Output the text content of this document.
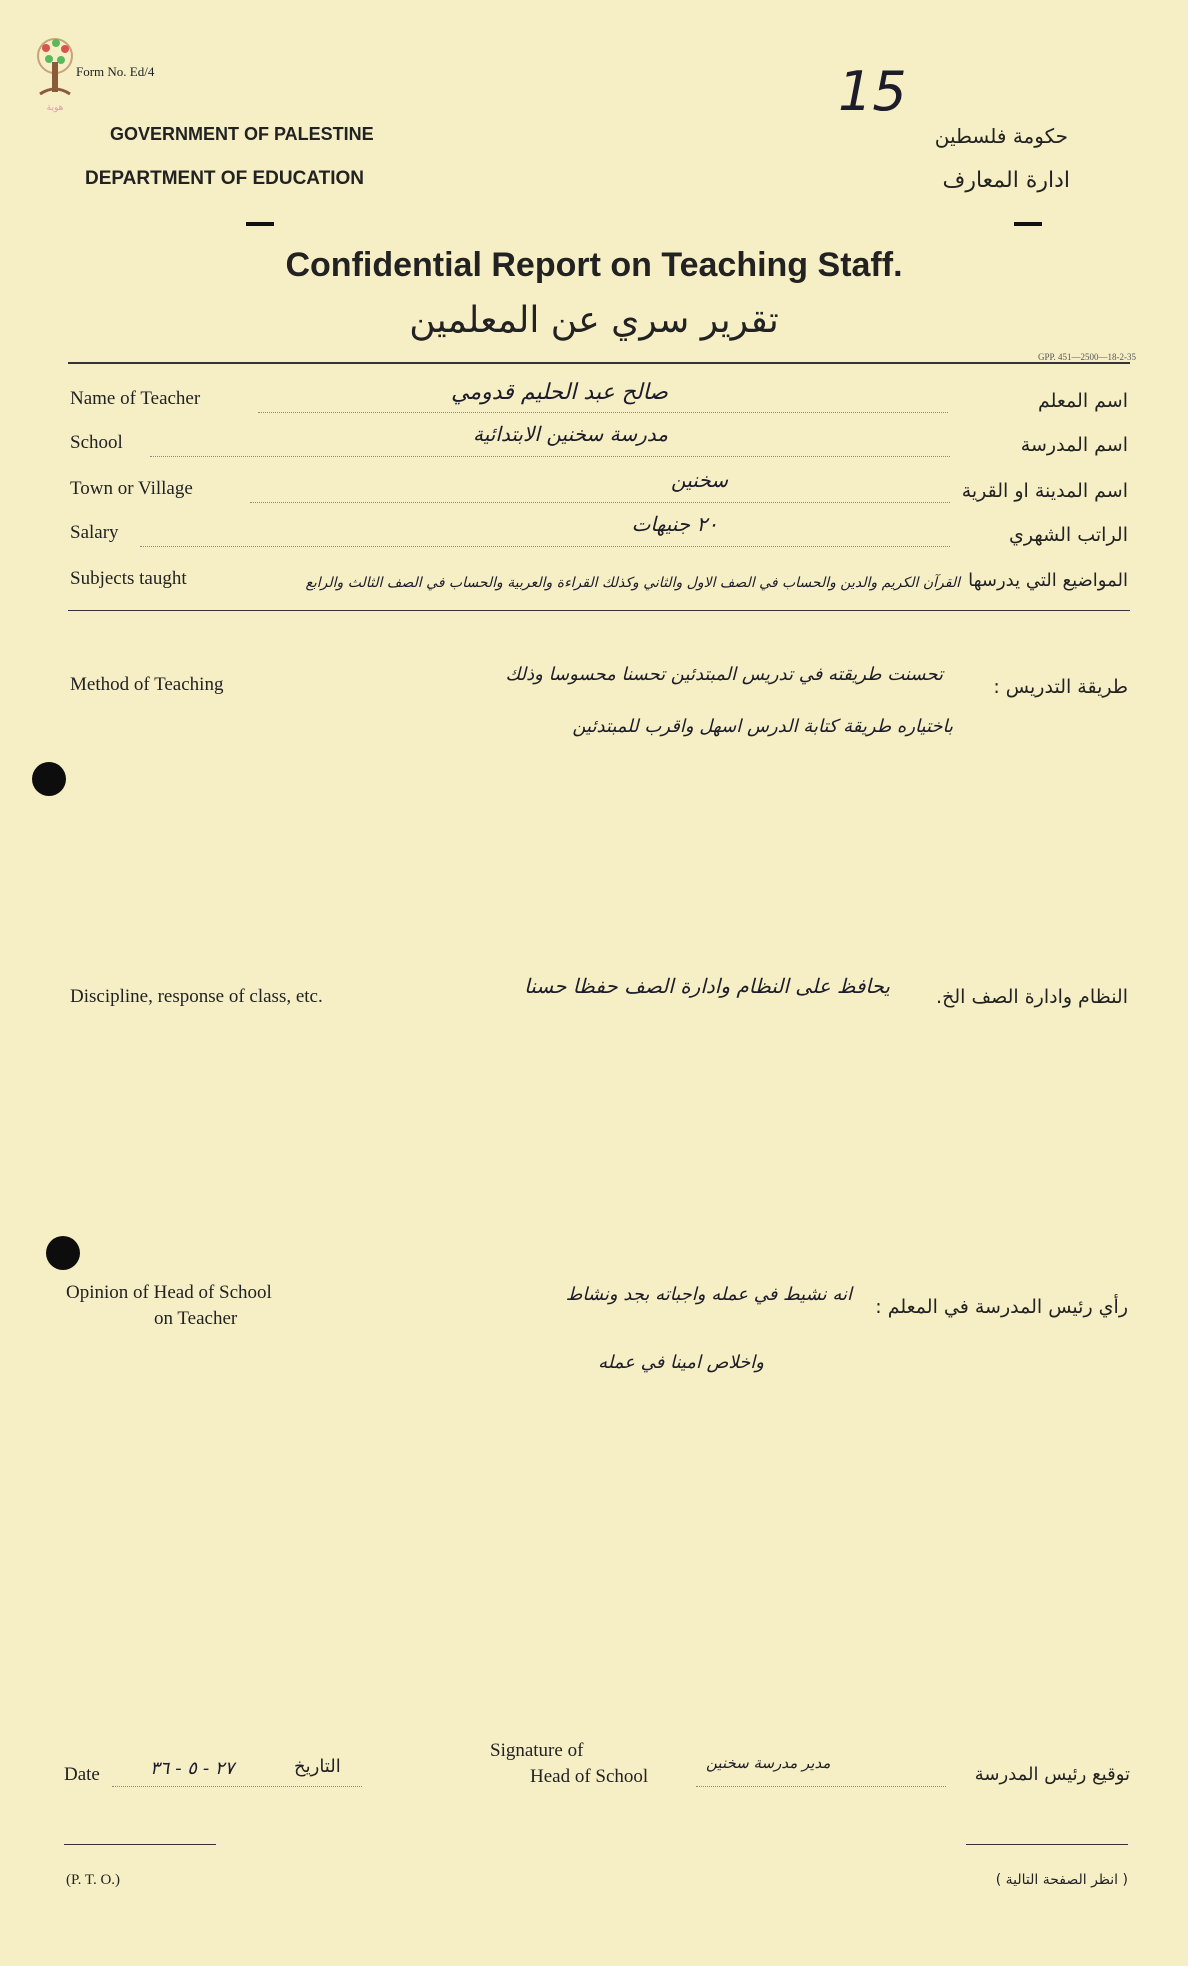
هوية
Form No. Ed/4	15
GOVERNMENT OF PALESTINE
DEPARTMENT OF EDUCATION
حكومة فلسطين
ادارة المعارف
Confidential Report on Teaching Staff.
تقرير سري عن المعلمين
GPP. 451—2500—18-2-35
Name of Teacher	اسم المعلم
صالح عبد الحليم قدومي
School	اسم المدرسة
مدرسة سخنين الابتدائية
Town or Village	اسم المدينة او القرية
سخنين
Salary	الراتب الشهري
٢٠ جنيهات
Subjects taught	المواضيع التي يدرسها
القرآن الكريم والدين والحساب في الصف الاول والثاني وكذلك القراءة والعربية والحساب في الصف الثالث والرابع
Method of Teaching	طريقة التدريس :
تحسنت طريقته في تدريس المبتدئين تحسنا محسوسا وذلك
باختياره طريقة كتابة الدرس اسهل واقرب للمبتدئين
Discipline, response of class, etc.	النظام وادارة الصف الخ.
يحافظ على النظام وادارة الصف حفظا حسنا
Opinion of Head of School
on Teacher
رأي رئيس المدرسة في المعلم :
انه نشيط في عمله واجباته بجد ونشاط
واخلاص امينا في عمله
Date	٢٧ - ٥ - ٣٦	التاريخ
Signature of
Head of School
مدير مدرسة سخنين
توقيع رئيس المدرسة
(P. T. O.)	( انظر الصفحة التالية )
